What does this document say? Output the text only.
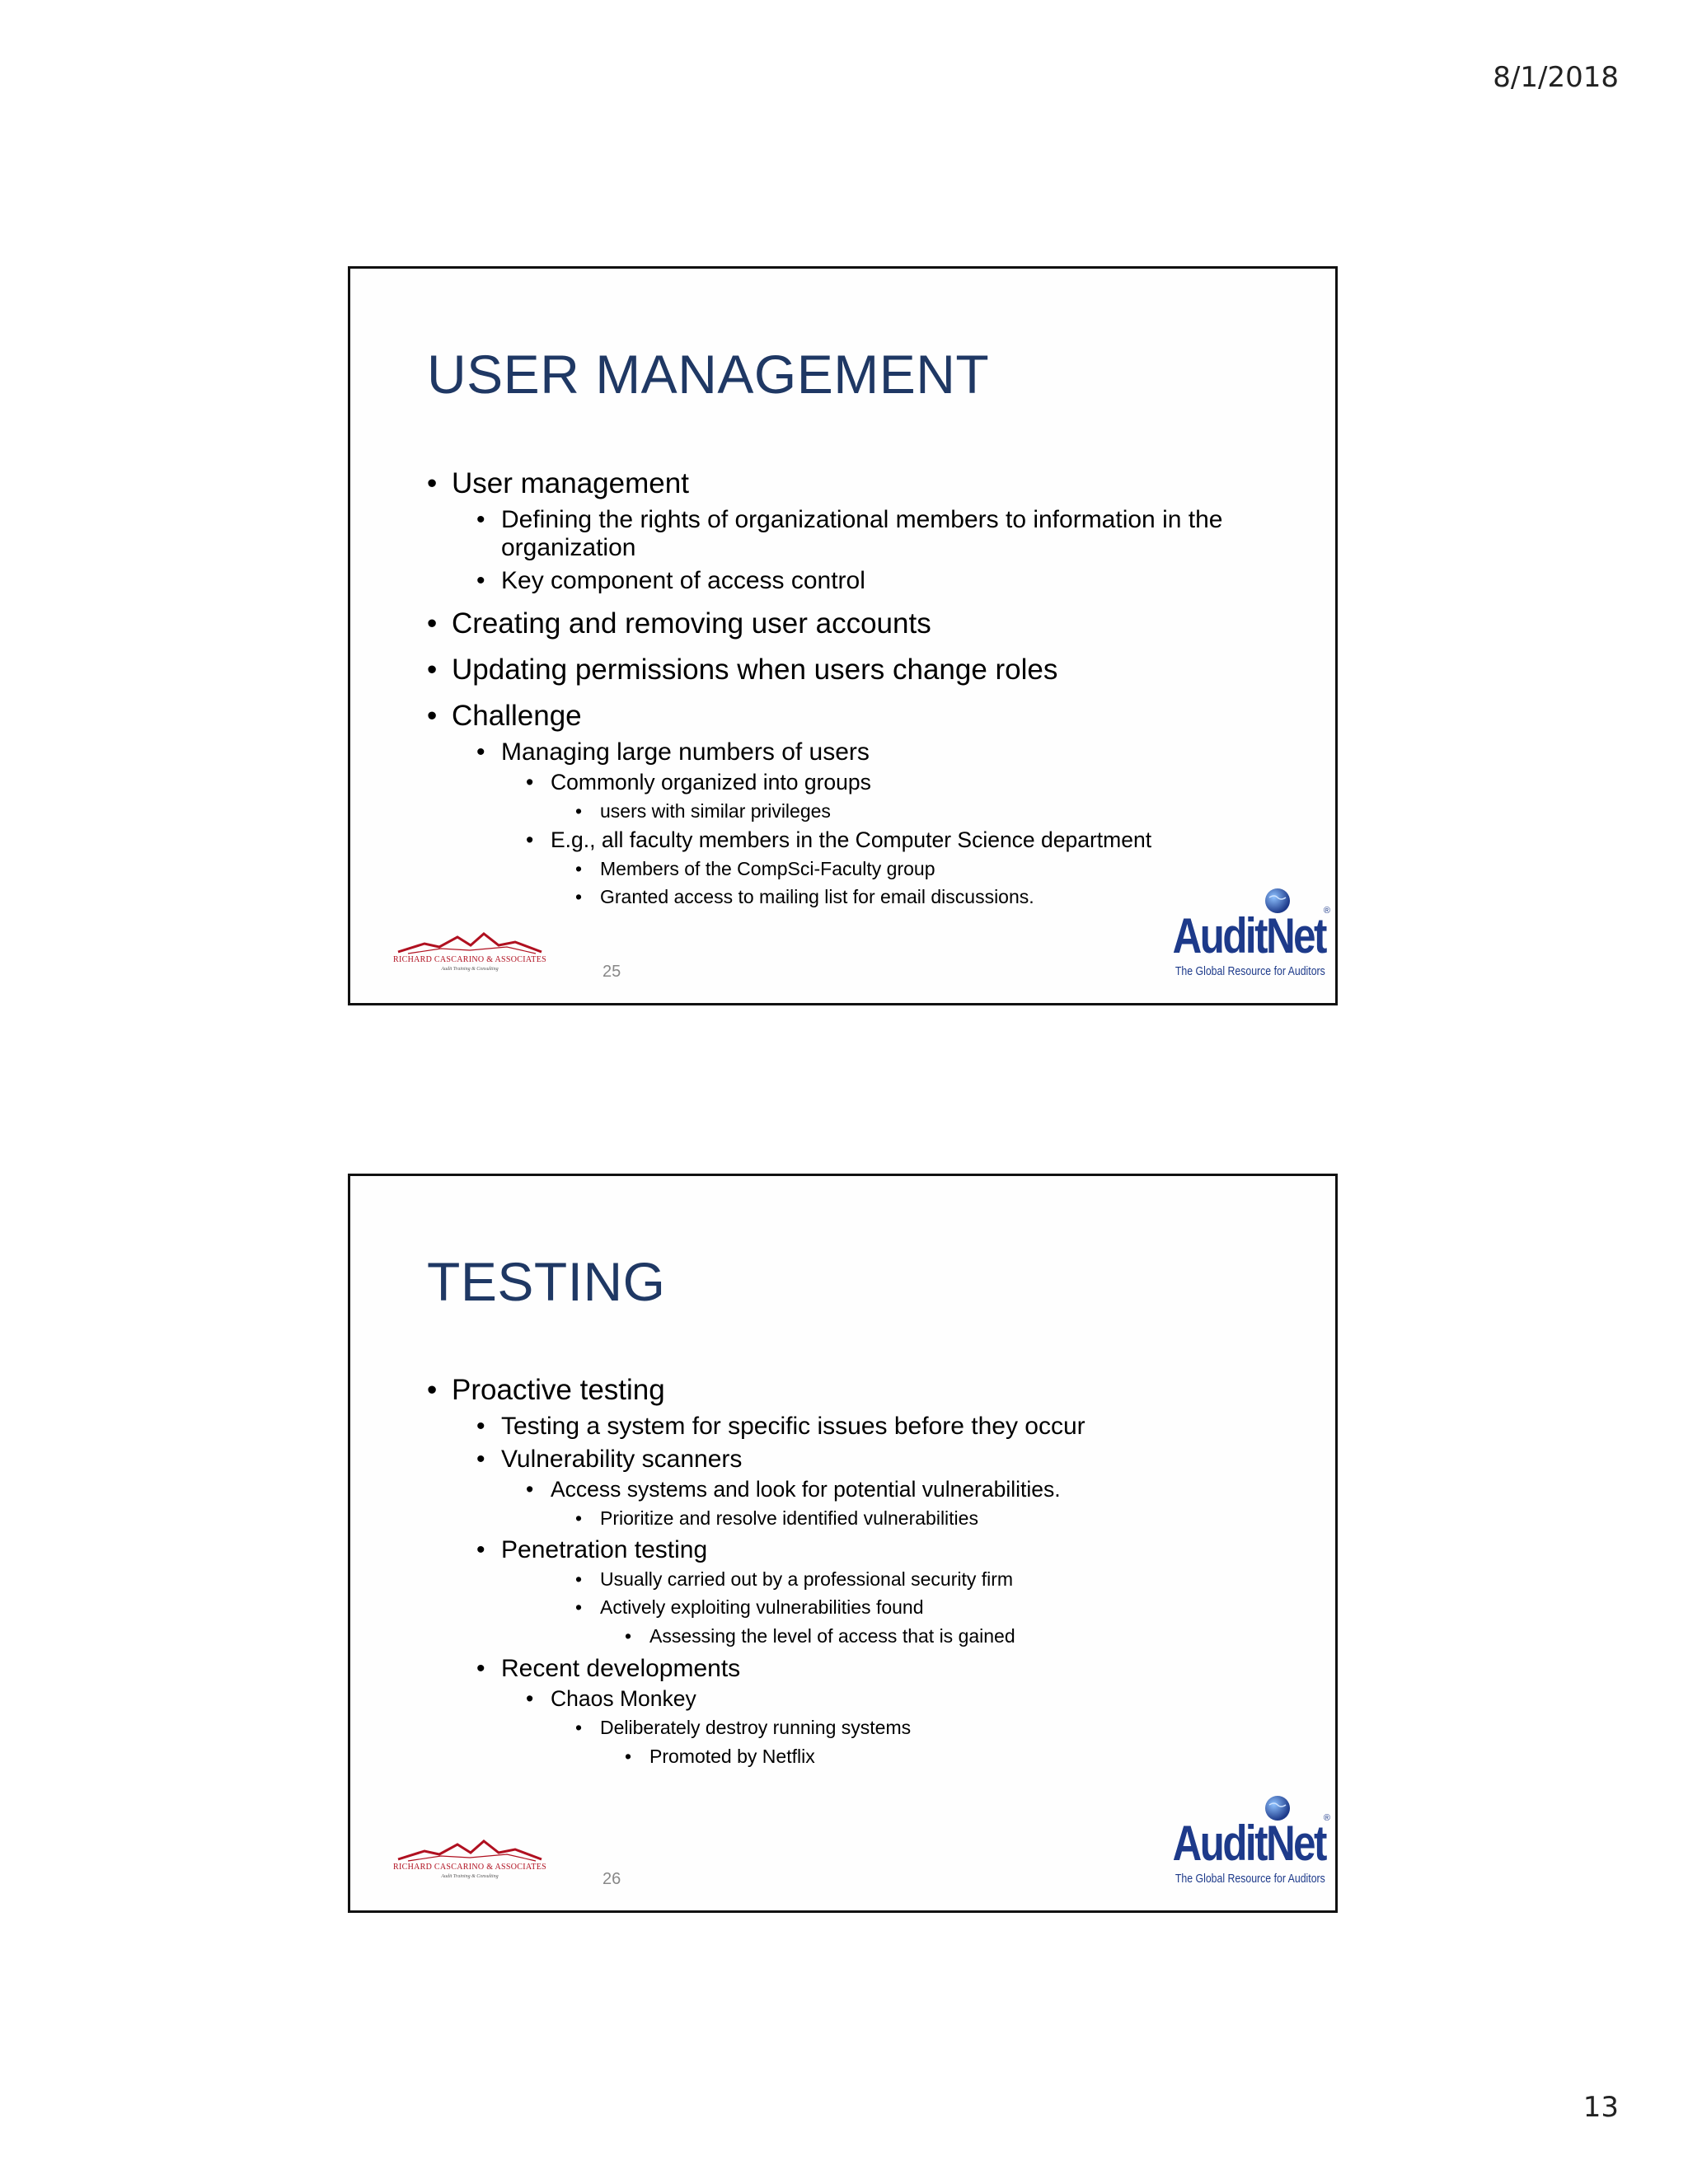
8/1/2018
USER MANAGEMENT
• User management
• Defining the rights of organizational members to information in the organization
• Key component of access control
• Creating and removing user accounts
• Updating permissions when users change roles
• Challenge
• Managing large numbers of users
• Commonly organized into groups
• users with similar privileges
• E.g., all faculty members in the Computer Science department
• Members of the CompSci-Faculty group
• Granted access to mailing list for email discussions.
RICHARD CASCARINO & ASSOCIATES
Audit Training & Consulting	25
AuditNet
®
The Global Resource for Auditors
TESTING
• Proactive testing
• Testing a system for specific issues before they occur
• Vulnerability scanners
• Access systems and look for potential vulnerabilities.
• Prioritize and resolve identified vulnerabilities
• Penetration testing
• Usually carried out by a professional security firm
• Actively exploiting vulnerabilities found
• Assessing the level of access that is gained
• Recent developments
• Chaos Monkey
• Deliberately destroy running systems
• Promoted by Netflix
RICHARD CASCARINO & ASSOCIATES
Audit Training & Consulting	26
AuditNet
®
The Global Resource for Auditors
13
